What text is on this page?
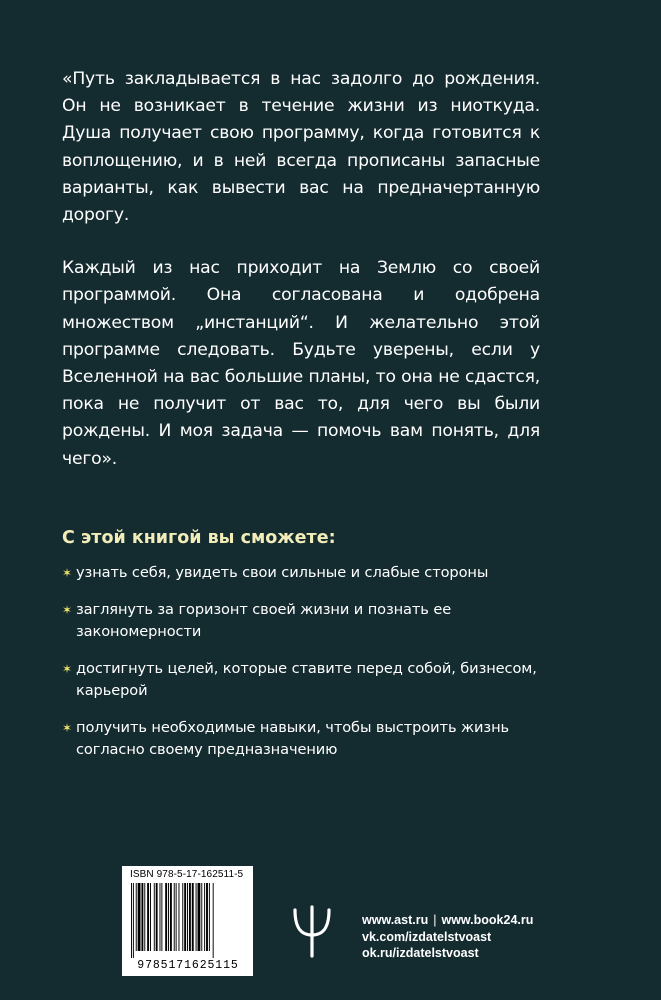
«Путь закладывается в нас задолго до рождения. Он не возникает в течение жизни из ниоткуда. Душа получает свою программу, когда готовится к воплощению, и в ней всегда прописаны запасные варианты, как вывести вас на предначертанную дорогу.

Каждый из нас приходит на Землю со своей программой. Она согласована и одобрена множеством „инстанций“. И желательно этой программе следовать. Будьте уверены, если у Вселенной на вас большие планы, то она не сдастся, пока не получит от вас то, для чего вы были рождены. И моя задача — помочь вам понять, для чего».

С этой книгой вы сможете:
✶ узнать себя, увидеть свои сильные и слабые стороны
✶ заглянуть за горизонт своей жизни и познать ее закономерности
✶ достигнуть целей, которые ставите перед собой, бизнесом, карьерой
✶ получить необходимые навыки, чтобы выстроить жизнь согласно своему предназначению
ISBN 978-5-17-162511-5
9785171625115
www.ast.ru | www.book24.ru
vk.com/izdatelstvoast
ok.ru/izdatelstvoast
